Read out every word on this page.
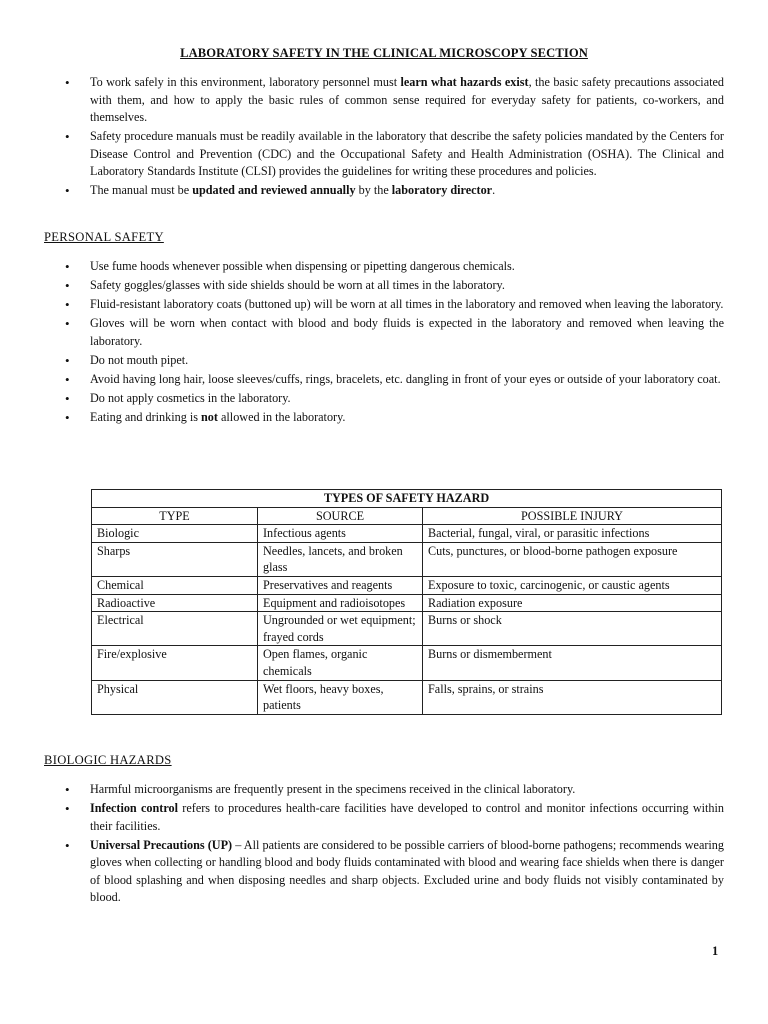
LABORATORY SAFETY IN THE CLINICAL MICROSCOPY SECTION
• To work safely in this environment, laboratory personnel must learn what hazards exist, the basic safety precautions associated with them, and how to apply the basic rules of common sense required for everyday safety for patients, co-workers, and themselves.
• Safety procedure manuals must be readily available in the laboratory that describe the safety policies mandated by the Centers for Disease Control and Prevention (CDC) and the Occupational Safety and Health Administration (OSHA). The Clinical and Laboratory Standards Institute (CLSI) provides the guidelines for writing these procedures and policies.
• The manual must be updated and reviewed annually by the laboratory director.
PERSONAL SAFETY
• Use fume hoods whenever possible when dispensing or pipetting dangerous chemicals.
• Safety goggles/glasses with side shields should be worn at all times in the laboratory.
• Fluid-resistant laboratory coats (buttoned up) will be worn at all times in the laboratory and removed when leaving the laboratory.
• Gloves will be worn when contact with blood and body fluids is expected in the laboratory and removed when leaving the laboratory.
• Do not mouth pipet.
• Avoid having long hair, loose sleeves/cuffs, rings, bracelets, etc. dangling in front of your eyes or outside of your laboratory coat.
• Do not apply cosmetics in the laboratory.
• Eating and drinking is not allowed in the laboratory.
TYPES OF SAFETY HAZARD		
TYPE	SOURCE	POSSIBLE INJURY
Biologic	Infectious agents	Bacterial, fungal, viral, or parasitic infections
Sharps	Needles, lancets, and broken glass	Cuts, punctures, or blood-borne pathogen exposure
Chemical	Preservatives and reagents	Exposure to toxic, carcinogenic, or caustic agents
Radioactive	Equipment and radioisotopes	Radiation exposure
Electrical	Ungrounded or wet equipment; frayed cords	Burns or shock
Fire/explosive	Open flames, organic chemicals	Burns or dismemberment
Physical	Wet floors, heavy boxes, patients	Falls, sprains, or strains
BIOLOGIC HAZARDS
• Harmful microorganisms are frequently present in the specimens received in the clinical laboratory.
• Infection control refers to procedures health-care facilities have developed to control and monitor infections occurring within their facilities.
• Universal Precautions (UP) – All patients are considered to be possible carriers of blood-borne pathogens; recommends wearing gloves when collecting or handling blood and body fluids contaminated with blood and wearing face shields when there is danger of blood splashing and when disposing needles and sharp objects. Excluded urine and body fluids not visibly contaminated by blood.
1
